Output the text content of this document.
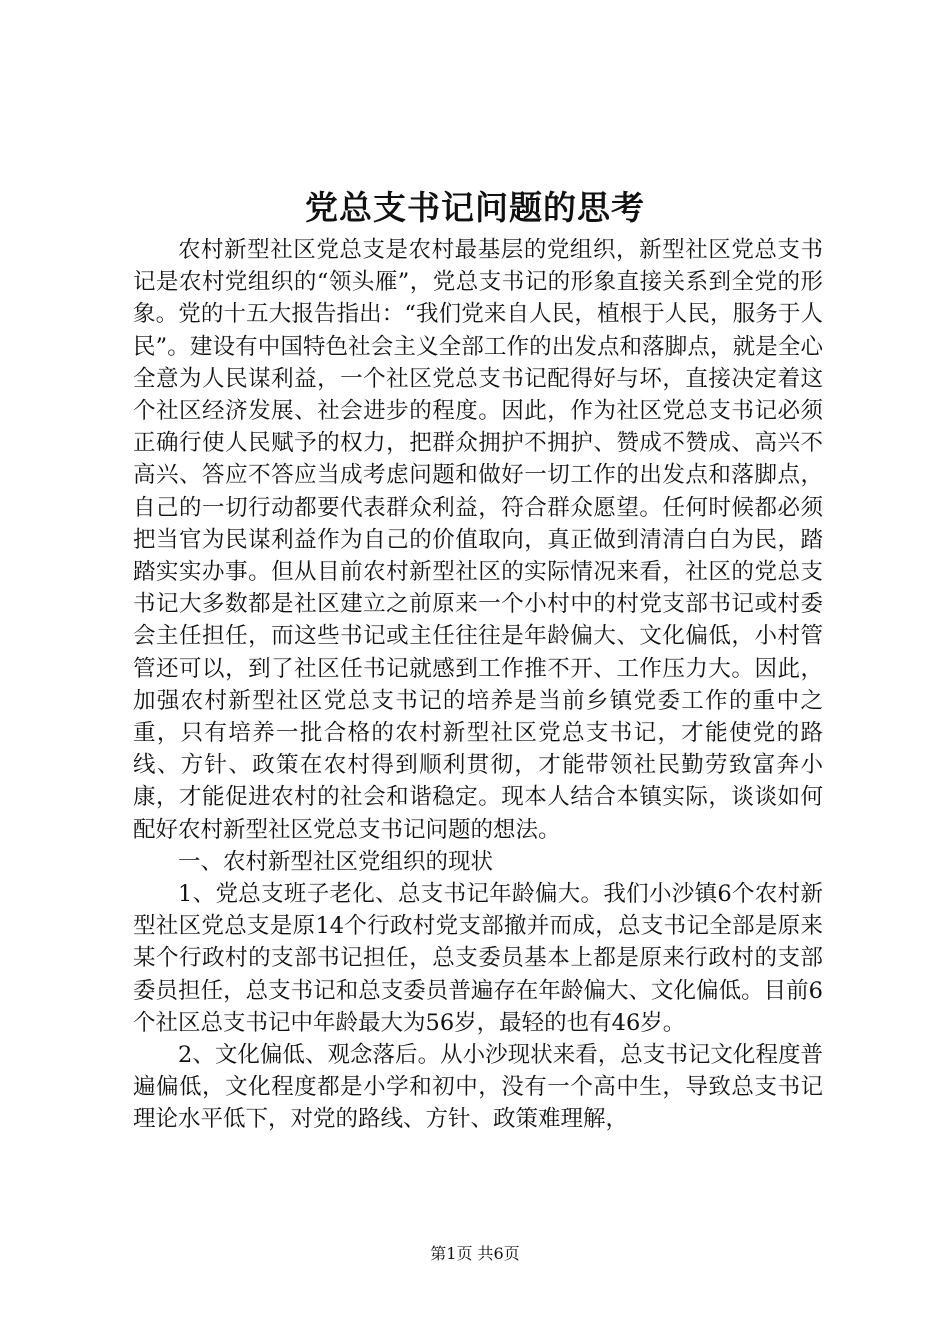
党总支书记问题的思考

农村新型社区党总支是农村最基层的党组织，新型社区党总支书记是农村党组织的“领头雁”，党总支书记的形象直接关系到全党的形象。党的十五大报告指出：“我们党来自人民，植根于人民，服务于人民”。建设有中国特色社会主义全部工作的出发点和落脚点，就是全心全意为人民谋利益，一个社区党总支书记配得好与坏，直接决定着这个社区经济发展、社会进步的程度。因此，作为社区党总支书记必须正确行使人民赋予的权力，把群众拥护不拥护、赞成不赞成、高兴不高兴、答应不答应当成考虑问题和做好一切工作的出发点和落脚点，自己的一切行动都要代表群众利益，符合群众愿望。任何时候都必须把当官为民谋利益作为自己的价值取向，真正做到清清白白为民，踏踏实实办事。但从目前农村新型社区的实际情况来看，社区的党总支书记大多数都是社区建立之前原来一个小村中的村党支部书记或村委会主任担任，而这些书记或主任往往是年龄偏大、文化偏低，小村管管还可以，到了社区任书记就感到工作推不开、工作压力大。因此，加强农村新型社区党总支书记的培养是当前乡镇党委工作的重中之重，只有培养一批合格的农村新型社区党总支书记，才能使党的路线、方针、政策在农村得到顺利贯彻，才能带领社民勤劳致富奔小康，才能促进农村的社会和谐稳定。现本人结合本镇实际，谈谈如何配好农村新型社区党总支书记问题的想法。

一、农村新型社区党组织的现状

1、党总支班子老化、总支书记年龄偏大。我们小沙镇6个农村新型社区党总支是原14个行政村党支部撤并而成，总支书记全部是原来某个行政村的支部书记担任，总支委员基本上都是原来行政村的支部委员担任，总支书记和总支委员普遍存在年龄偏大、文化偏低。目前6个社区总支书记中年龄最大为56岁，最轻的也有46岁。

2、文化偏低、观念落后。从小沙现状来看，总支书记文化程度普遍偏低，文化程度都是小学和初中，没有一个高中生，导致总支书记理论水平低下，对党的路线、方针、政策难理解，

第1页 共6页
